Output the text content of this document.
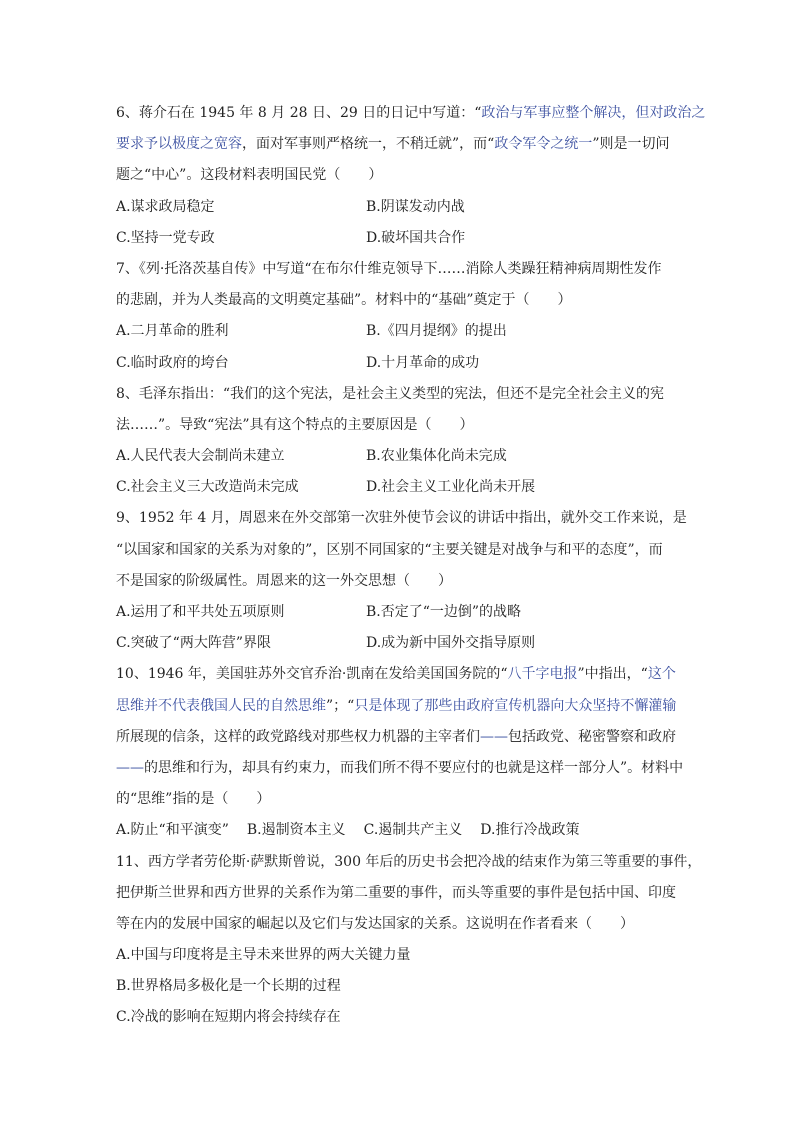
6、蒋介石在 1945 年 8 月 28 日、29 日的日记中写道：“政治与军事应整个解决，但对政治之
要求予以极度之宽容，面对军事则严格统一，不稍迁就”，而“政令军令之统一”则是一切问
题之“中心”。这段材料表明国民党（　　）
A.谋求政局稳定	B.阴谋发动内战
C.坚持一党专政	D.破坏国共合作
7、《列·托洛茨基自传》中写道“在布尔什维克领导下……消除人类躁狂精神病周期性发作
的悲剧，并为人类最高的文明奠定基础”。材料中的“基础”奠定于（　　）
A.二月革命的胜利	B.《四月提纲》的提出
C.临时政府的垮台	D.十月革命的成功
8、毛泽东指出：“我们的这个宪法，是社会主义类型的宪法，但还不是完全社会主义的宪
法……”。导致“宪法”具有这个特点的主要原因是（　　）
A.人民代表大会制尚未建立	B.农业集体化尚未完成
C.社会主义三大改造尚未完成	D.社会主义工业化尚未开展
9、1952 年 4 月，周恩来在外交部第一次驻外使节会议的讲话中指出，就外交工作来说，是
“以国家和国家的关系为对象的”，区别不同国家的“主要关键是对战争与和平的态度”，而
不是国家的阶级属性。周恩来的这一外交思想（　　）
A.运用了和平共处五项原则	B.否定了“一边倒”的战略
C.突破了“两大阵营”界限	D.成为新中国外交指导原则
10、1946 年，美国驻苏外交官乔治·凯南在发给美国国务院的“八千字电报”中指出，“这个
思维并不代表俄国人民的自然思维”；“只是体现了那些由政府宣传机器向大众坚持不懈灌输
所展现的信条，这样的政党路线对那些权力机器的主宰者们——包括政党、秘密警察和政府
——的思维和行为，却具有约束力，而我们所不得不要应付的也就是这样一部分人”。材料中
的“思维”指的是（　　）
A.防止“和平演变” B.遏制资本主义 C.遏制共产主义 D.推行冷战政策
11、西方学者劳伦斯·萨默斯曾说，300 年后的历史书会把冷战的结束作为第三等重要的事件，
把伊斯兰世界和西方世界的关系作为第二重要的事件，而头等重要的事件是包括中国、印度
等在内的发展中国家的崛起以及它们与发达国家的关系。这说明在作者看来（　　）
A.中国与印度将是主导未来世界的两大关键力量
B.世界格局多极化是一个长期的过程
C.冷战的影响在短期内将会持续存在
